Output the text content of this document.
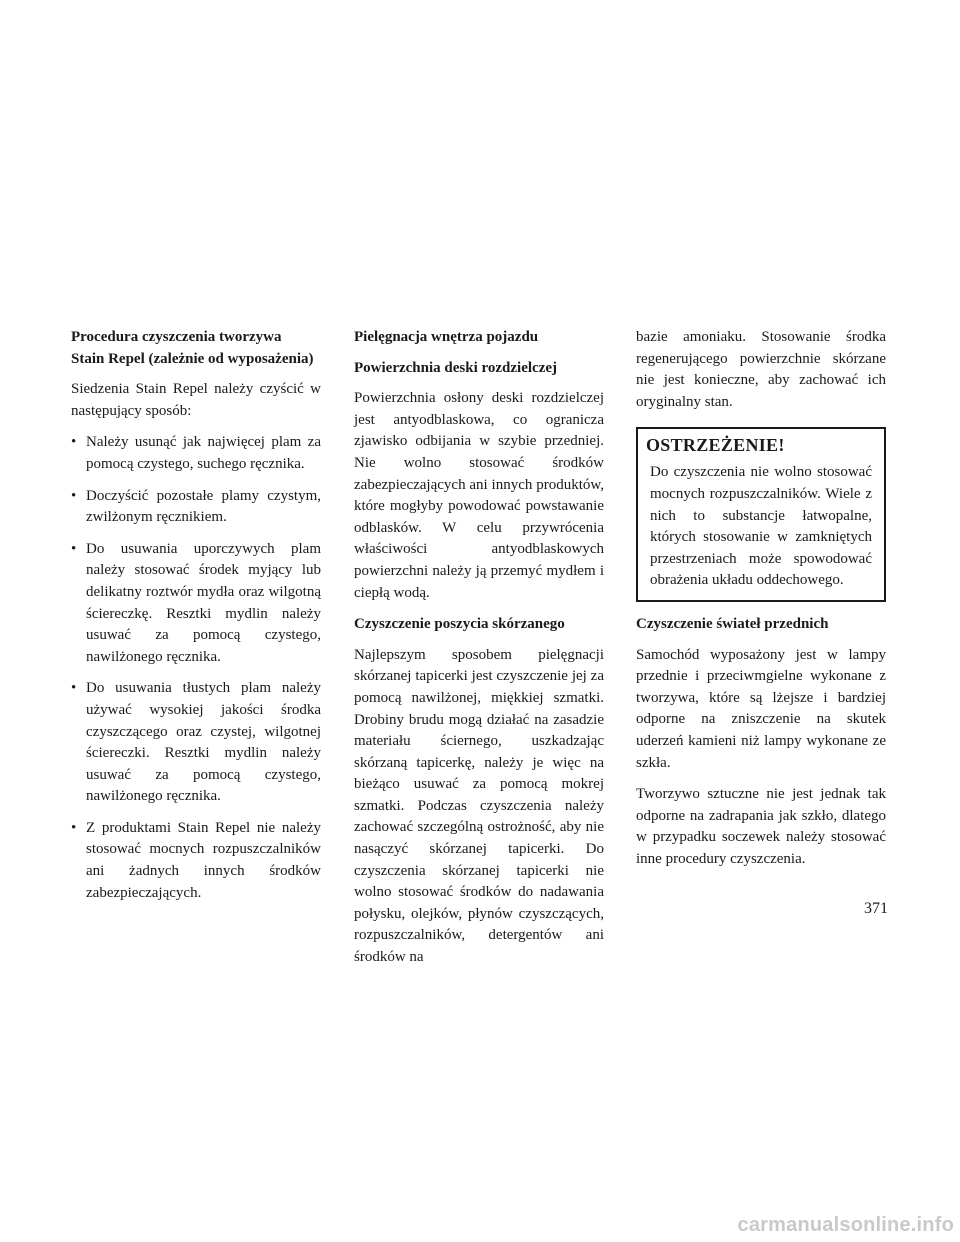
Procedura czyszczenia tworzywa
Stain Repel (zależnie od wyposażenia)

Siedzenia Stain Repel należy czyścić w następujący sposób:

• Należy usunąć jak najwięcej plam za pomocą czystego, suchego ręcznika.
• Doczyścić pozostałe plamy czystym, zwilżonym ręcznikiem.
• Do usuwania uporczywych plam należy stosować środek myjący lub delikatny roztwór mydła oraz wilgotną ściereczkę. Resztki mydlin należy usuwać za pomocą czystego, nawilżonego ręcznika.
• Do usuwania tłustych plam należy używać wysokiej jakości środka czyszczącego oraz czystej, wilgotnej ściereczki. Resztki mydlin należy usuwać za pomocą czystego, nawilżonego ręcznika.
• Z produktami Stain Repel nie należy stosować mocnych rozpuszczalników ani żadnych innych środków zabezpieczających.
Pielęgnacja wnętrza pojazdu
Powierzchnia deski rozdzielczej

Powierzchnia osłony deski rozdzielczej jest antyodblaskowa, co ogranicza zjawisko odbijania w szybie przedniej. Nie wolno stosować środków zabezpieczających ani innych produktów, które mogłyby powodować powstawanie odblasków. W celu przywrócenia właściwości antyodblaskowych powierzchni należy ją przemyć mydłem i ciepłą wodą.

Czyszczenie poszycia skórzanego

Najlepszym sposobem pielęgnacji skórzanej tapicerki jest czyszczenie jej za pomocą nawilżonej, miękkiej szmatki. Drobiny brudu mogą działać na zasadzie materiału ściernego, uszkadzając skórzaną tapicerkę, należy je więc na bieżąco usuwać za pomocą mokrej szmatki. Podczas czyszczenia należy zachować szczególną ostrożność, aby nie nasączyć skórzanej tapicerki. Do czyszczenia skórzanej tapicerki nie wolno stosować środków do nadawania połysku, olejków, płynów czyszczących, rozpuszczalników, detergentów ani środków na

bazie amoniaku. Stosowanie środka regenerującego powierzchnie skórzane nie jest konieczne, aby zachować ich oryginalny stan.

OSTRZEŻENIE!

Do czyszczenia nie wolno stosować mocnych rozpuszczalników. Wiele z nich to substancje łatwopalne, których stosowanie w zamkniętych przestrzeniach może spowodować obrażenia układu oddechowego.

Czyszczenie świateł przednich

Samochód wyposażony jest w lampy przednie i przeciwmgielne wykonane z tworzywa, które są lżejsze i bardziej odporne na zniszczenie na skutek uderzeń kamieni niż lampy wykonane ze szkła.

Tworzywo sztuczne nie jest jednak tak odporne na zadrapania jak szkło, dlatego w przypadku soczewek należy stosować inne procedury czyszczenia.

371
carmanualsonline.info
